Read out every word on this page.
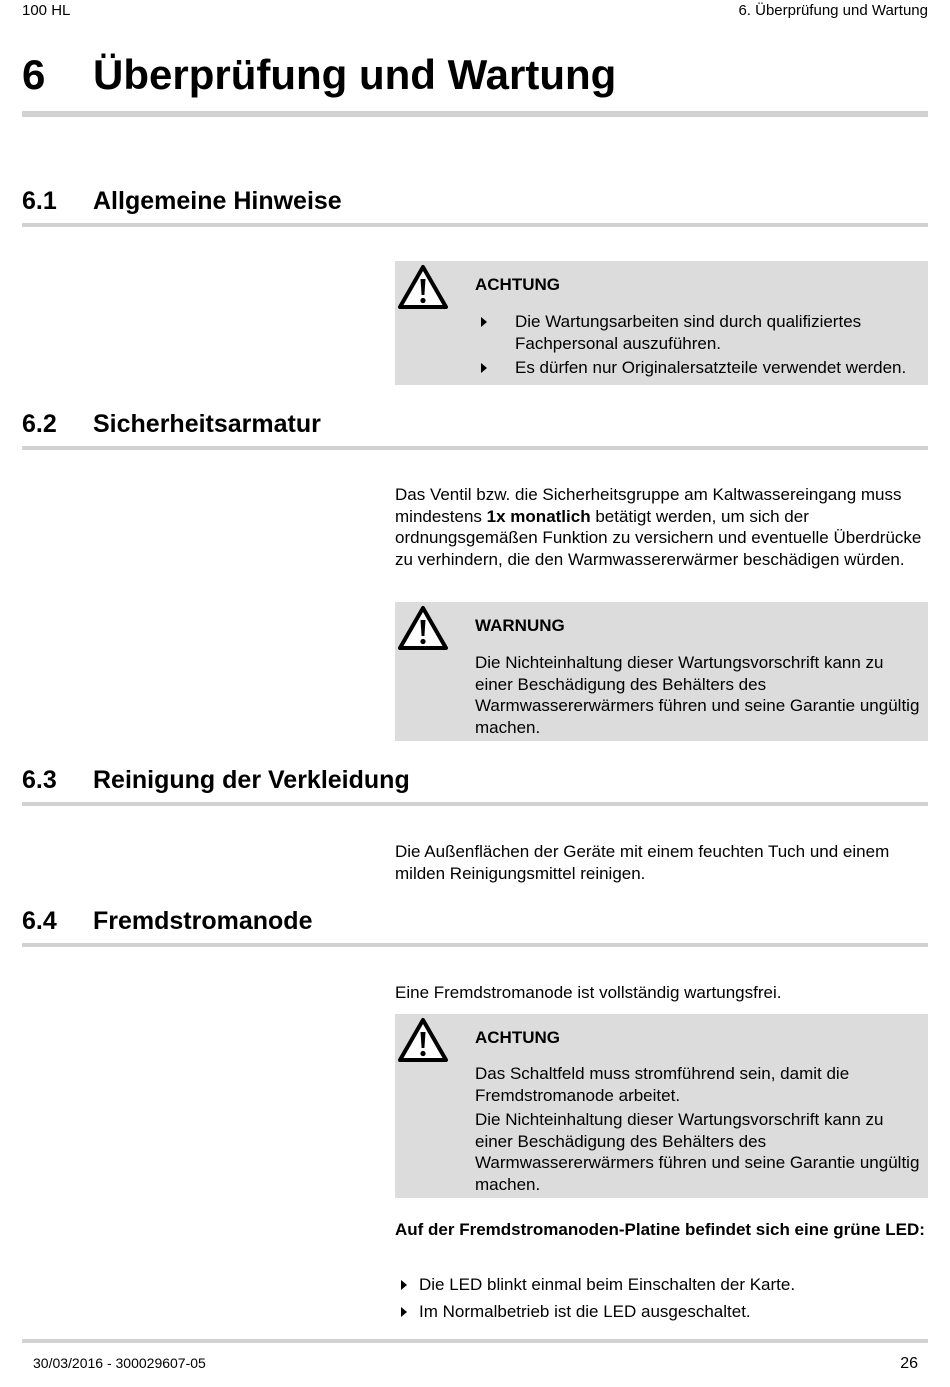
100 HL	6. Überprüfung und Wartung
6 Überprüfung und Wartung
6.1 Allgemeine Hinweise
ACHTUNG
Die Wartungsarbeiten sind durch qualifiziertes Fachpersonal auszuführen.
Es dürfen nur Originalersatzteile verwendet werden.
6.2 Sicherheitsarmatur
Das Ventil bzw. die Sicherheitsgruppe am Kaltwassereingang muss mindestens 1x monatlich betätigt werden, um sich der ordnungsgemäßen Funktion zu versichern und eventuelle Überdrücke zu verhindern, die den Warmwassererwärmer beschädigen würden.
WARNUNG
Die Nichteinhaltung dieser Wartungsvorschrift kann zu einer Beschädigung des Behälters des Warmwassererwärmers führen und seine Garantie ungültig machen.
6.3 Reinigung der Verkleidung
Die Außenflächen der Geräte mit einem feuchten Tuch und einem milden Reinigungsmittel reinigen.
6.4 Fremdstromanode
Eine Fremdstromanode ist vollständig wartungsfrei.
ACHTUNG
Das Schaltfeld muss stromführend sein, damit die Fremdstromanode arbeitet.
Die Nichteinhaltung dieser Wartungsvorschrift kann zu einer Beschädigung des Behälters des Warmwassererwärmers führen und seine Garantie ungültig machen.
Auf der Fremdstromanoden-Platine befindet sich eine grüne LED:
Die LED blinkt einmal beim Einschalten der Karte.
Im Normalbetrieb ist die LED ausgeschaltet.
30/03/2016 - 300029607-05	26
